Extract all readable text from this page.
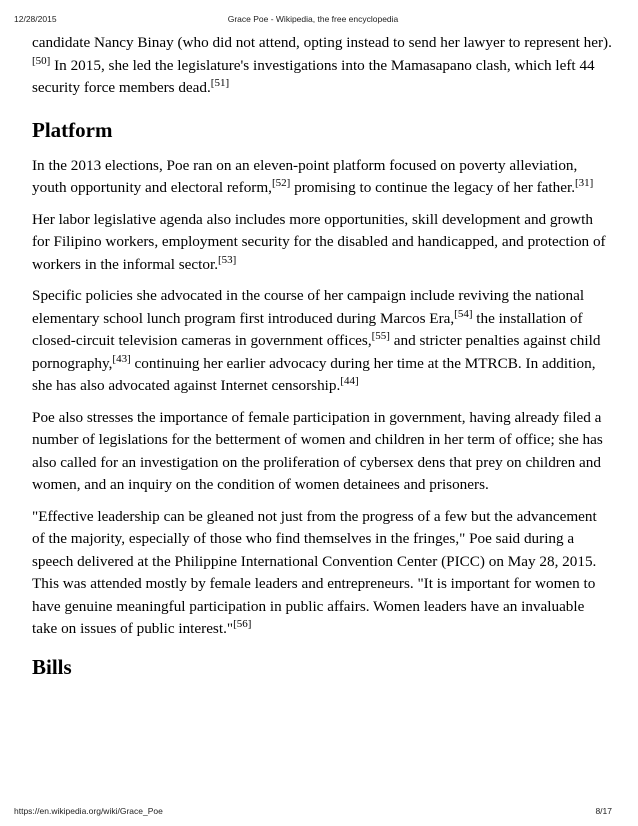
12/28/2015	Grace Poe - Wikipedia, the free encyclopedia

candidate Nancy Binay (who did not attend, opting instead to send her lawyer to represent her).[50] In 2015, she led the legislature's investigations into the Mamasapano clash, which left 44 security force members dead.[51]

Platform

In the 2013 elections, Poe ran on an eleven-point platform focused on poverty alleviation, youth opportunity and electoral reform,[52] promising to continue the legacy of her father.[31]

Her labor legislative agenda also includes more opportunities, skill development and growth for Filipino workers, employment security for the disabled and handicapped, and protection of workers in the informal sector.[53]

Specific policies she advocated in the course of her campaign include reviving the national elementary school lunch program first introduced during Marcos Era,[54] the installation of closed-circuit television cameras in government offices,[55] and stricter penalties against child pornography,[43] continuing her earlier advocacy during her time at the MTRCB. In addition, she has also advocated against Internet censorship.[44]

Poe also stresses the importance of female participation in government, having already filed a number of legislations for the betterment of women and children in her term of office; she has also called for an investigation on the proliferation of cybersex dens that prey on children and women, and an inquiry on the condition of women detainees and prisoners.

"Effective leadership can be gleaned not just from the progress of a few but the advancement of the majority, especially of those who find themselves in the fringes," Poe said during a speech delivered at the Philippine International Convention Center (PICC) on May 28, 2015. This was attended mostly by female leaders and entrepreneurs. "It is important for women to have genuine meaningful participation in public affairs. Women leaders have an invaluable take on issues of public interest."[56]

Bills
https://en.wikipedia.org/wiki/Grace_Poe	8/17
